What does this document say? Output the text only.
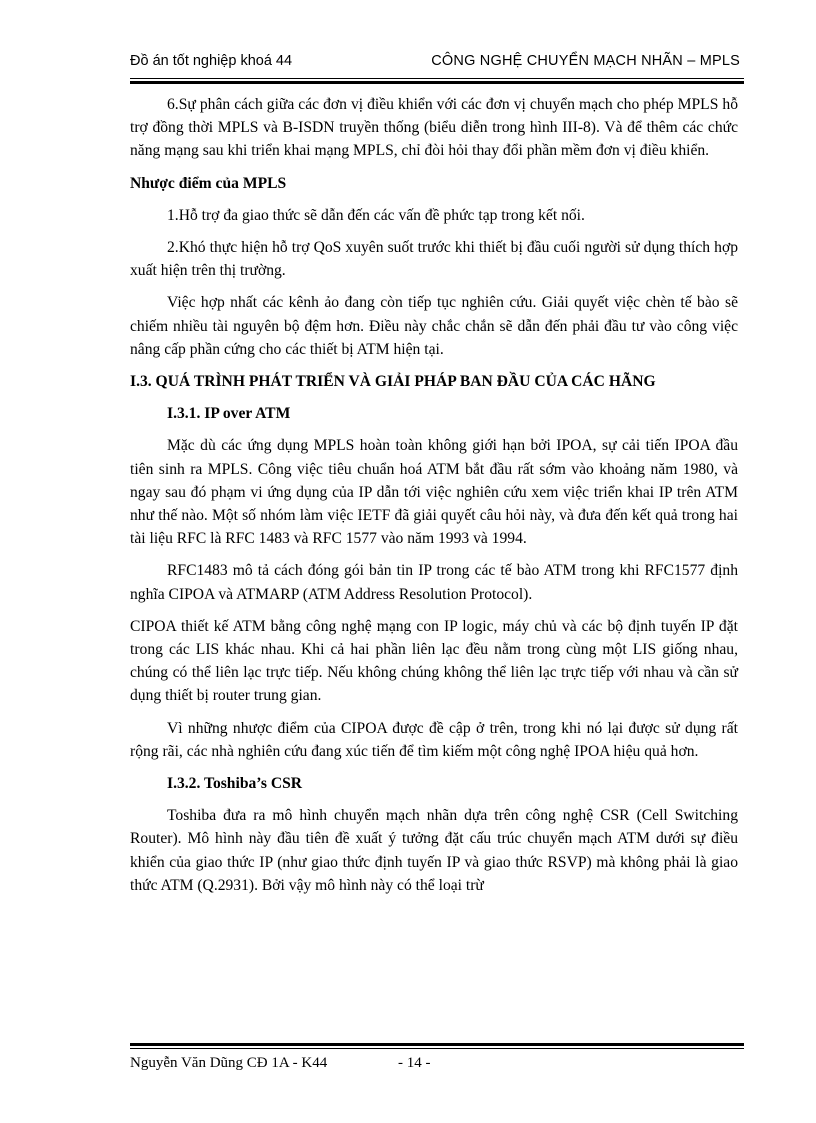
Đồ án tốt nghiệp khoá 44	CÔNG NGHỆ CHUYỂN MẠCH NHÃN – MPLS

6.Sự phân cách giữa các đơn vị điều khiển với các đơn vị chuyển mạch cho phép MPLS hỗ trợ đồng thời MPLS và B-ISDN truyền thống (biểu diễn trong hình III-8). Và để thêm các chức năng mạng sau khi triển khai mạng MPLS, chỉ đòi hỏi thay đổi phần mềm đơn vị điều khiển.

Nhược điểm của MPLS

1.Hỗ trợ đa giao thức sẽ dẫn đến các vấn đề phức tạp trong kết nối.

2.Khó thực hiện hỗ trợ QoS xuyên suốt trước khi thiết bị đầu cuối người sử dụng thích hợp xuất hiện trên thị trường.

Việc hợp nhất các kênh ảo đang còn tiếp tục nghiên cứu. Giải quyết việc chèn tế bào sẽ chiếm nhiều tài nguyên bộ đệm hơn. Điều này chắc chắn sẽ dẫn đến phải đầu tư vào công việc nâng cấp phần cứng cho các thiết bị ATM hiện tại.

I.3. QUÁ TRÌNH PHÁT TRIỂN VÀ GIẢI PHÁP BAN ĐẦU CỦA CÁC HÃNG

I.3.1. IP over ATM

Mặc dù các ứng dụng MPLS hoàn toàn không giới hạn bởi IPOA, sự cải tiến IPOA đầu tiên sinh ra MPLS. Công việc tiêu chuẩn hoá ATM bắt đầu rất sớm vào khoảng năm 1980, và ngay sau đó phạm vi ứng dụng của IP dẫn tới việc nghiên cứu xem việc triển khai IP trên ATM như thế nào. Một số nhóm làm việc IETF đã giải quyết câu hỏi này, và đưa đến kết quả trong hai tài liệu RFC là RFC 1483 và RFC 1577 vào năm 1993 và 1994.

RFC1483 mô tả cách đóng gói bản tin IP trong các tế bào ATM trong khi RFC1577 định nghĩa CIPOA và ATMARP (ATM Address Resolution Protocol).

CIPOA thiết kế ATM bằng công nghệ mạng con IP logic, máy chủ và các bộ định tuyến IP đặt trong các LIS khác nhau. Khi cả hai phần liên lạc đều nằm trong cùng một LIS giống nhau, chúng có thể liên lạc trực tiếp. Nếu không chúng không thể liên lạc trực tiếp với nhau và cần sử dụng thiết bị router trung gian.

Vì những nhược điểm của CIPOA được đề cập ở trên, trong khi nó lại được sử dụng rất rộng rãi, các nhà nghiên cứu đang xúc tiến để tìm kiếm một công nghệ IPOA hiệu quả hơn.

I.3.2. Toshiba’s CSR

Toshiba đưa ra mô hình chuyển mạch nhãn dựa trên công nghệ CSR (Cell Switching Router). Mô hình này đầu tiên đề xuất ý tưởng đặt cấu trúc chuyển mạch ATM dưới sự điều khiển của giao thức IP (như giao thức định tuyến IP và giao thức RSVP) mà không phải là giao thức ATM (Q.2931). Bởi vậy mô hình này có thể loại trừ

Nguyễn Văn Dũng CĐ 1A - K44	- 14 -
